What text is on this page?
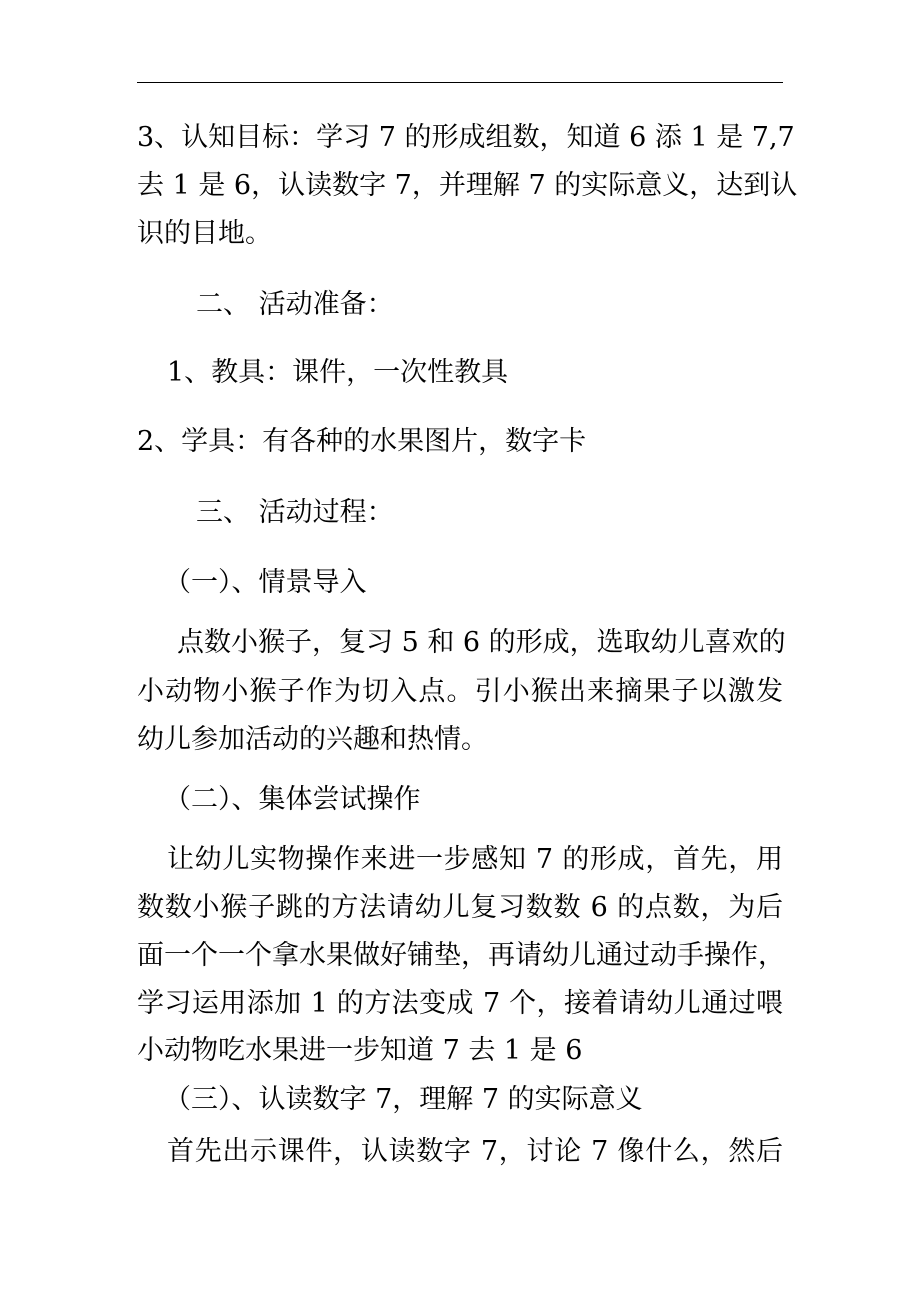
3、认知目标：学习 7 的形成组数，知道 6 添 1 是 7,7
去 1 是 6，认读数字 7，并理解 7 的实际意义，达到认
识的目地。
二、 活动准备：
1、教具：课件，一次性教具
2、学具：有各种的水果图片，数字卡
三、 活动过程：
（一）、情景导入
点数小猴子，复习 5 和 6 的形成，选取幼儿喜欢的
小动物小猴子作为切入点。引小猴出来摘果子以激发
幼儿参加活动的兴趣和热情。
（二）、集体尝试操作
让幼儿实物操作来进一步感知 7 的形成，首先，用
数数小猴子跳的方法请幼儿复习数数 6 的点数，为后
面一个一个拿水果做好铺垫，再请幼儿通过动手操作，
学习运用添加 1 的方法变成 7 个，接着请幼儿通过喂
小动物吃水果进一步知道 7 去 1 是 6
（三）、认读数字 7，理解 7 的实际意义
首先出示课件，认读数字 7，讨论 7 像什么，然后
